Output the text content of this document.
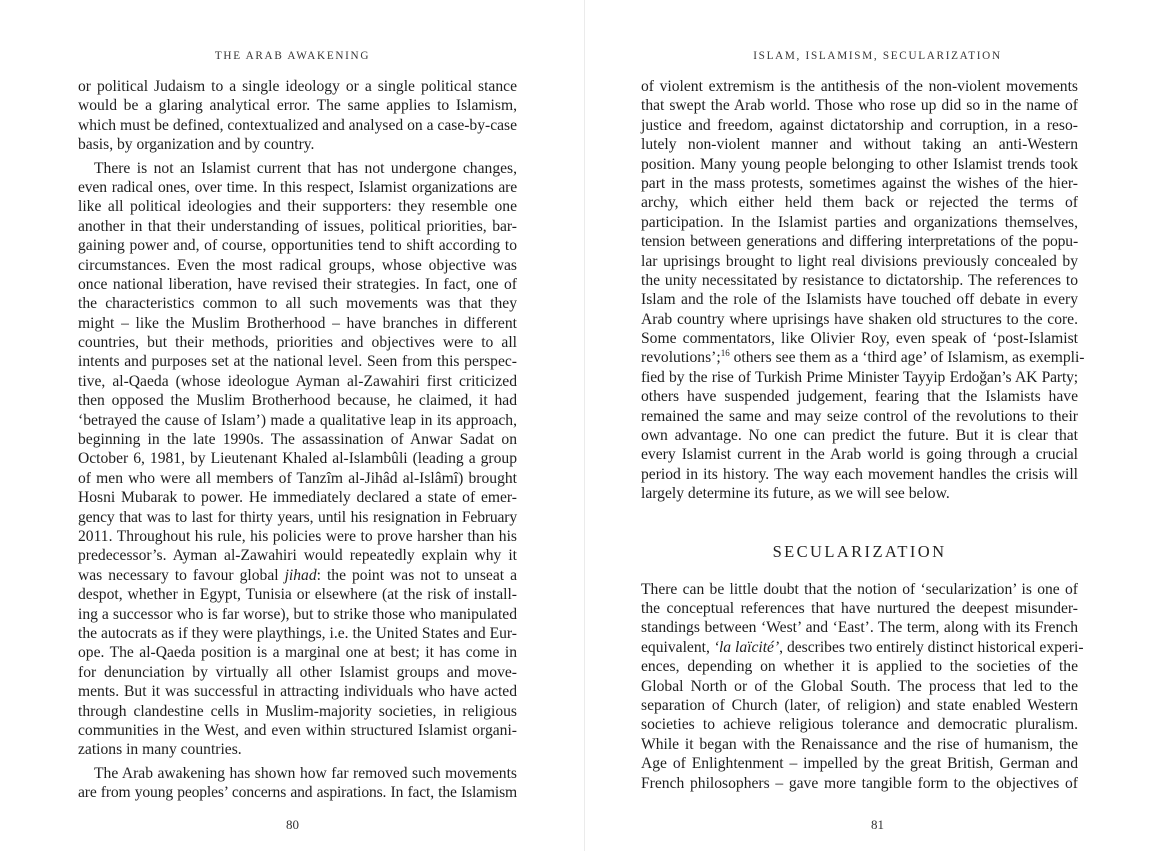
THE ARAB AWAKENING
or political Judaism to a single ideology or a single political stance
would be a glaring analytical error. The same applies to Islamism,
which must be defined, contextualized and analysed on a case-by-case
basis, by organization and by country.
There is not an Islamist current that has not undergone changes,
even radical ones, over time. In this respect, Islamist organizations are
like all political ideologies and their supporters: they resemble one
another in that their understanding of issues, political priorities, bar-
gaining power and, of course, opportunities tend to shift according to
circumstances. Even the most radical groups, whose objective was
once national liberation, have revised their strategies. In fact, one of
the characteristics common to all such movements was that they
might – like the Muslim Brotherhood – have branches in different
countries, but their methods, priorities and objectives were to all
intents and purposes set at the national level. Seen from this perspec-
tive, al-Qaeda (whose ideologue Ayman al-Zawahiri first criticized
then opposed the Muslim Brotherhood because, he claimed, it had
‘betrayed the cause of Islam’) made a qualitative leap in its approach,
beginning in the late 1990s. The assassination of Anwar Sadat on
October 6, 1981, by Lieutenant Khaled al-Islambûli (leading a group
of men who were all members of Tanzîm al-Jihâd al-Islâmî) brought
Hosni Mubarak to power. He immediately declared a state of emer-
gency that was to last for thirty years, until his resignation in February
2011. Throughout his rule, his policies were to prove harsher than his
predecessor’s. Ayman al-Zawahiri would repeatedly explain why it
was necessary to favour global jihad: the point was not to unseat a
despot, whether in Egypt, Tunisia or elsewhere (at the risk of install-
ing a successor who is far worse), but to strike those who manipulated
the autocrats as if they were playthings, i.e. the United States and Eur-
ope. The al-Qaeda position is a marginal one at best; it has come in
for denunciation by virtually all other Islamist groups and move-
ments. But it was successful in attracting individuals who have acted
through clandestine cells in Muslim-majority societies, in religious
communities in the West, and even within structured Islamist organi-
zations in many countries.
The Arab awakening has shown how far removed such movements
are from young peoples’ concerns and aspirations. In fact, the Islamism
80
ISLAM, ISLAMISM, SECULARIZATION
of violent extremism is the antithesis of the non-violent movements
that swept the Arab world. Those who rose up did so in the name of
justice and freedom, against dictatorship and corruption, in a reso-
lutely non-violent manner and without taking an anti-Western
position. Many young people belonging to other Islamist trends took
part in the mass protests, sometimes against the wishes of the hier-
archy, which either held them back or rejected the terms of
participation. In the Islamist parties and organizations themselves,
tension between generations and differing interpretations of the popu-
lar uprisings brought to light real divisions previously concealed by
the unity necessitated by resistance to dictatorship. The references to
Islam and the role of the Islamists have touched off debate in every
Arab country where uprisings have shaken old structures to the core.
Some commentators, like Olivier Roy, even speak of ‘post-Islamist
revolutions’;$^{16}$ others see them as a ‘third age’ of Islamism, as exempli-
fied by the rise of Turkish Prime Minister Tayyip Erdoğan’s AK Party;
others have suspended judgement, fearing that the Islamists have
remained the same and may seize control of the revolutions to their
own advantage. No one can predict the future. But it is clear that
every Islamist current in the Arab world is going through a crucial
period in its history. The way each movement handles the crisis will
largely determine its future, as we will see below.
SECULARIZATION
There can be little doubt that the notion of ‘secularization’ is one of
the conceptual references that have nurtured the deepest misunder-
standings between ‘West’ and ‘East’. The term, along with its French
equivalent, ‘la laïcité’, describes two entirely distinct historical experi-
ences, depending on whether it is applied to the societies of the
Global North or of the Global South. The process that led to the
separation of Church (later, of religion) and state enabled Western
societies to achieve religious tolerance and democratic pluralism.
While it began with the Renaissance and the rise of humanism, the
Age of Enlightenment – impelled by the great British, German and
French philosophers – gave more tangible form to the objectives of
81
